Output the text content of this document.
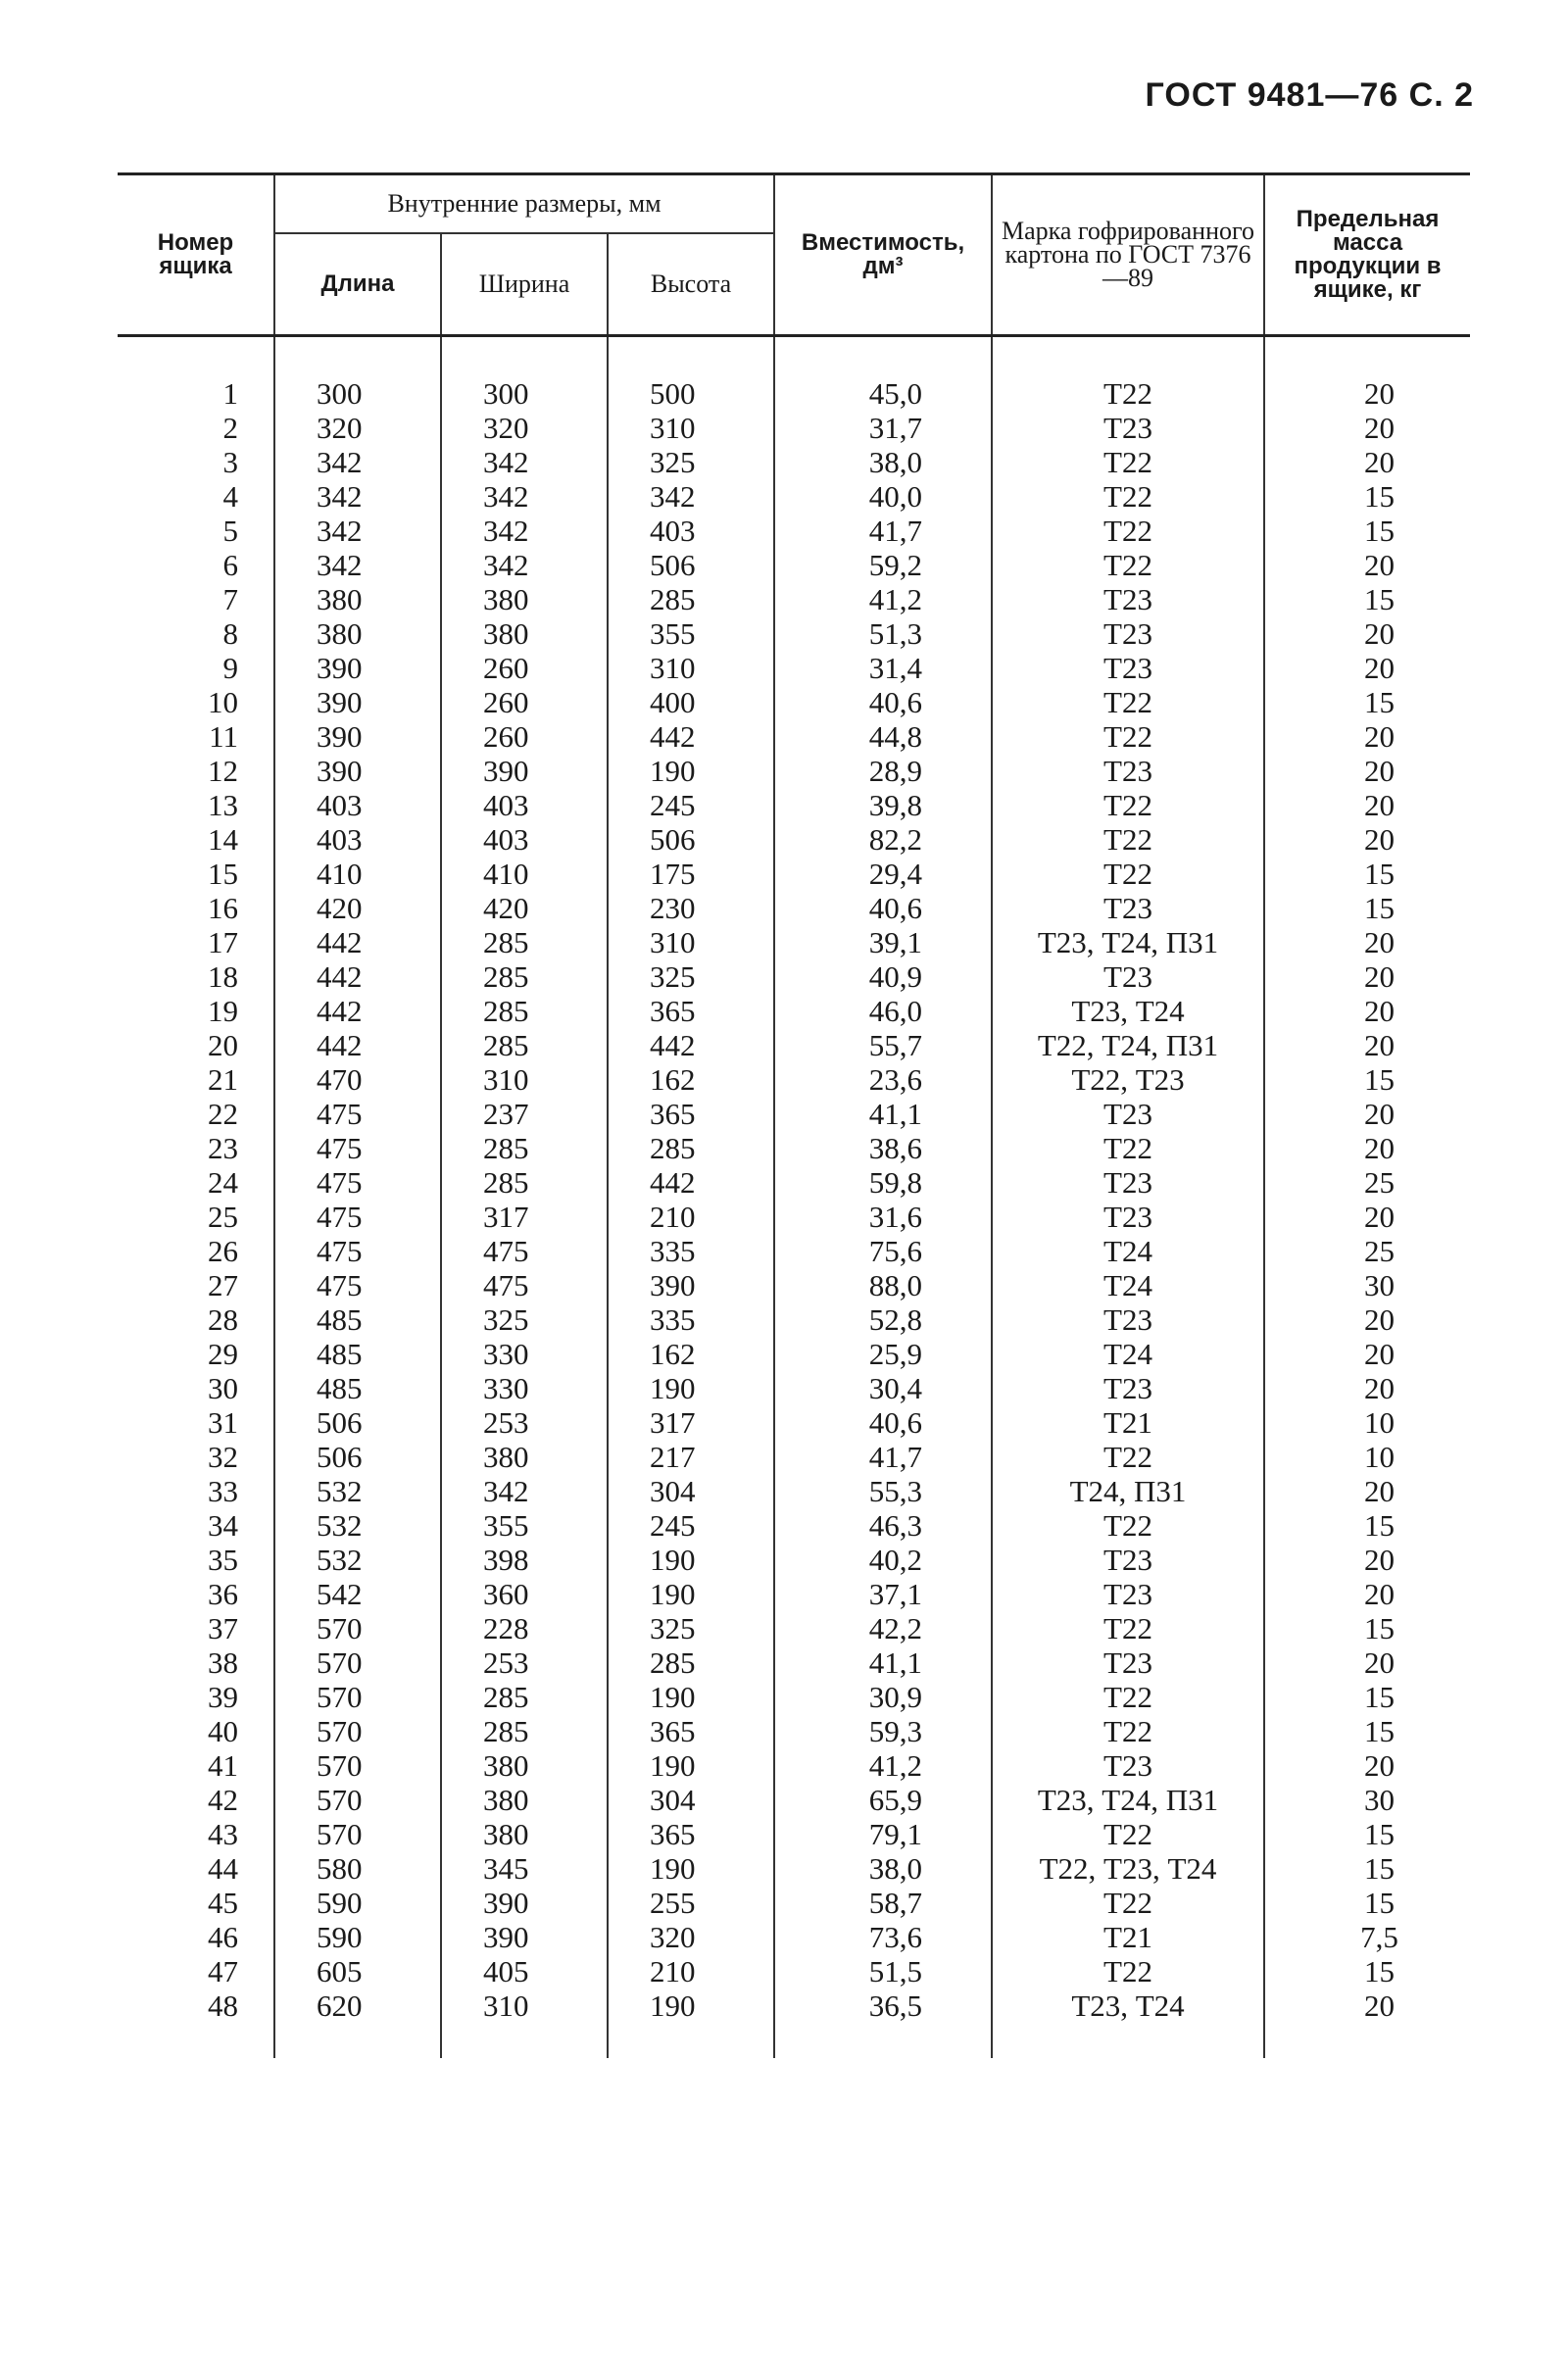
ГОСТ 9481—76 С. 2
Номер ящика	Внутренние размеры, мм			Вместимость, дм³	Марка гофрированного картона по ГОСТ 7376—89	Предельная масса продукции в ящике, кг
	Длина	Ширина	Высота			

1	300	300	500	45,0	Т22	20
2	320	320	310	31,7	Т23	20
3	342	342	325	38,0	Т22	20
4	342	342	342	40,0	Т22	15
5	342	342	403	41,7	Т22	15
6	342	342	506	59,2	Т22	20
7	380	380	285	41,2	Т23	15
8	380	380	355	51,3	Т23	20
9	390	260	310	31,4	Т23	20
10	390	260	400	40,6	Т22	15
11	390	260	442	44,8	Т22	20
12	390	390	190	28,9	Т23	20
13	403	403	245	39,8	Т22	20
14	403	403	506	82,2	Т22	20
15	410	410	175	29,4	Т22	15
16	420	420	230	40,6	Т23	15
17	442	285	310	39,1	Т23, Т24, П31	20
18	442	285	325	40,9	Т23	20
19	442	285	365	46,0	Т23, Т24	20
20	442	285	442	55,7	Т22, Т24, П31	20
21	470	310	162	23,6	Т22, Т23	15
22	475	237	365	41,1	Т23	20
23	475	285	285	38,6	Т22	20
24	475	285	442	59,8	Т23	25
25	475	317	210	31,6	Т23	20
26	475	475	335	75,6	Т24	25
27	475	475	390	88,0	Т24	30
28	485	325	335	52,8	Т23	20
29	485	330	162	25,9	Т24	20
30	485	330	190	30,4	Т23	20
31	506	253	317	40,6	Т21	10
32	506	380	217	41,7	Т22	10
33	532	342	304	55,3	Т24, П31	20
34	532	355	245	46,3	Т22	15
35	532	398	190	40,2	Т23	20
36	542	360	190	37,1	Т23	20
37	570	228	325	42,2	Т22	15
38	570	253	285	41,1	Т23	20
39	570	285	190	30,9	Т22	15
40	570	285	365	59,3	Т22	15
41	570	380	190	41,2	Т23	20
42	570	380	304	65,9	Т23, Т24, П31	30
43	570	380	365	79,1	Т22	15
44	580	345	190	38,0	Т22, Т23, Т24	15
45	590	390	255	58,7	Т22	15
46	590	390	320	73,6	Т21	7,5
47	605	405	210	51,5	Т22	15
48	620	310	190	36,5	Т23, Т24	20
